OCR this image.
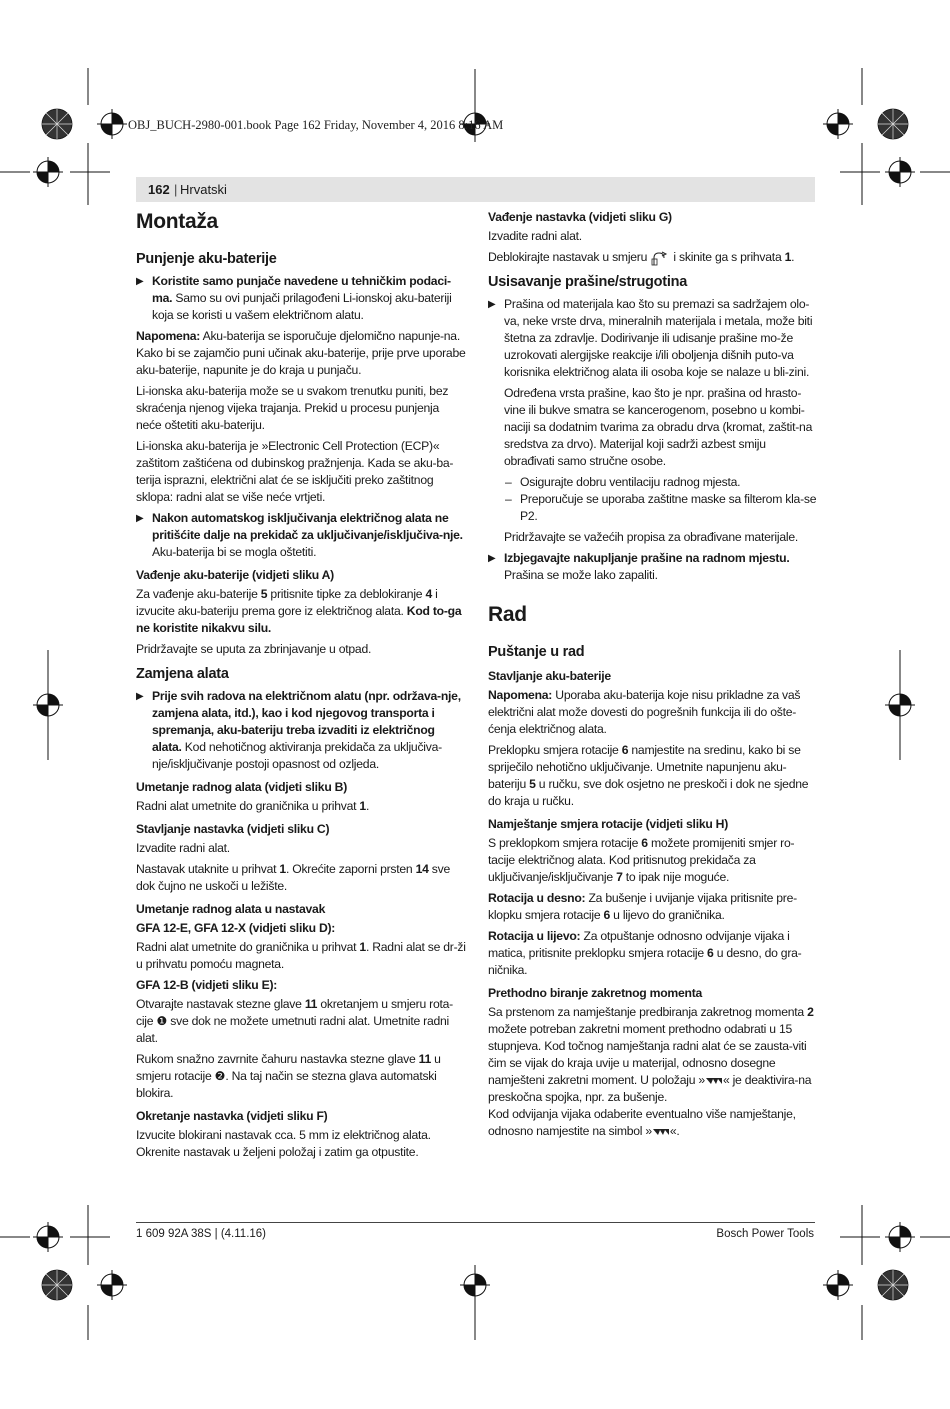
OBJ_BUCH-2980-001.book Page 162 Friday, November 4, 2016 8:16 AM
162 | Hrvatski
Montaža
Punjenje aku-baterije
▶ Koristite samo punjače navedene u tehničkim podaci-ma. Samo su ovi punjači prilagođeni Li-ionskoj aku-bateriji koja se koristi u vašem električnom alatu.

Napomena: Aku-baterija se isporučuje djelomično napunje-na. Kako bi se zajamčio puni učinak aku-baterije, prije prve uporabe aku-baterije, napunite je do kraja u punjaču.

Li-ionska aku-baterija može se u svakom trenutku puniti, bez skraćenja njenog vijeka trajanja. Prekid u procesu punjenja neće oštetiti aku-bateriju.

Li-ionska aku-baterija je »Electronic Cell Protection (ECP)« zaštitom zaštićena od dubinskog pražnjenja. Kada se aku-ba-terija isprazni, električni alat će se isključiti preko zaštitnog sklopa: radni alat se više neće vrtjeti.

▶ Nakon automatskog isključivanja električnog alata ne pritišćite dalje na prekidač za uključivanje/isključiva-nje. Aku-baterija bi se mogla oštetiti.
Vađenje aku-baterije (vidjeti sliku A)

Za vađenje aku-baterije 5 pritisnite tipke za deblokiranje 4 i izvucite aku-bateriju prema gore iz električnog alata. Kod to-ga ne koristite nikakvu silu.

Pridržavajte se uputa za zbrinjavanje u otpad.

Zamjena alata
▶ Prije svih radova na električnom alatu (npr. održava-nje, zamjena alata, itd.), kao i kod njegovog transporta i spremanja, aku-bateriju treba izvaditi iz električnog alata. Kod nehotičnog aktiviranja prekidača za uključiva-nje/isključivanje postoji opasnost od ozljeda.
Umetanje radnog alata (vidjeti sliku B)

Radni alat umetnite do graničnika u prihvat 1.

Stavljanje nastavka (vidjeti sliku C)

Izvadite radni alat.

Nastavak utaknite u prihvat 1. Okrećite zaporni prsten 14 sve dok čujno ne uskoči u ležište.

Umetanje radnog alata u nastavak
GFA 12-E, GFA 12-X (vidjeti sliku D):

Radni alat umetnite do graničnika u prihvat 1. Radni alat se dr-ži u prihvatu pomoću magneta.

GFA 12-B (vidjeti sliku E):

Otvarajte nastavak stezne glave 11 okretanjem u smjeru rota-cije ❶ sve dok ne možete umetnuti radni alat. Umetnite radni alat.

Rukom snažno zavrnite čahuru nastavka stezne glave 11 u smjeru rotacije ❷. Na taj način se stezna glava automatski blokira.

Okretanje nastavka (vidjeti sliku F)

Izvucite blokirani nastavak cca. 5 mm iz električnog alata. Okrenite nastavak u željeni položaj i zatim ga otpustite.

Vađenje nastavka (vidjeti sliku G)

Izvadite radni alat.

Deblokirajte nastavak u smjeru  i skinite ga s prihvata 1.

Usisavanje prašine/strugotina
▶ Prašina od materijala kao što su premazi sa sadržajem olo-va, neke vrste drva, mineralnih materijala i metala, može biti štetna za zdravlje. Dodirivanje ili udisanje prašine mo-že uzrokovati alergijske reakcije i/ili oboljenja dišnih puto-va korisnika električnog alata ili osoba koje se nalaze u bli-zini.

Određena vrsta prašine, kao što je npr. prašina od hrasto-vine ili bukve smatra se kancerogenom, posebno u kombi-naciji sa dodatnim tvarima za obradu drva (kromat, zaštit-na sredstva za drvo). Materijal koji sadrži azbest smiju obrađivati samo stručne osobe.

– Osigurajte dobru ventilaciju radnog mjesta.
– Preporučuje se uporaba zaštitne maske sa filterom kla-se P2.

Pridržavajte se važećih propisa za obrađivane materijale.

▶ Izbjegavajte nakupljanje prašine na radnom mjestu. Prašina se može lako zapaliti.
Rad
Puštanje u rad
Stavljanje aku-baterije

Napomena: Uporaba aku-baterija koje nisu prikladne za vaš električni alat može dovesti do pogrešnih funkcija ili do ošte-ćenja električnog alata.

Preklopku smjera rotacije 6 namjestite na sredinu, kako bi se spriječilo nehotično uključivanje. Umetnite napunjenu aku-bateriju 5 u ručku, sve dok osjetno ne preskoči i dok ne sjedne do kraja u ručku.

Namještanje smjera rotacije (vidjeti sliku H)

S preklopkom smjera rotacije 6 možete promijeniti smjer ro-tacije električnog alata. Kod pritisnutog prekidača za uključivanje/isključivanje 7 to ipak nije moguće.

Rotacija u desno: Za bušenje i uvijanje vijaka pritisnite pre-klopku smjera rotacije 6 u lijevo do graničnika.

Rotacija u lijevo: Za otpuštanje odnosno odvijanje vijaka i matica, pritisnite preklopku smjera rotacije 6 u desno, do gra-ničnika.

Prethodno biranje zakretnog momenta

Sa prstenom za namještanje predbiranja zakretnog momenta 2 možete potreban zakretni moment prethodno odabrati u 15 stupnjeva. Kod točnog namještanja radni alat će se zausta-viti čim se vijak do kraja uvije u materijal, odnosno dosegne namješteni zakretni moment. U položaju » « je deaktivira-na preskočna spojka, npr. za bušenje.

Kod odvijanja vijaka odaberite eventualno više namještanje, odnosno namjestite na simbol » «.

1 609 92A 38S | (4.11.16)	Bosch Power Tools
